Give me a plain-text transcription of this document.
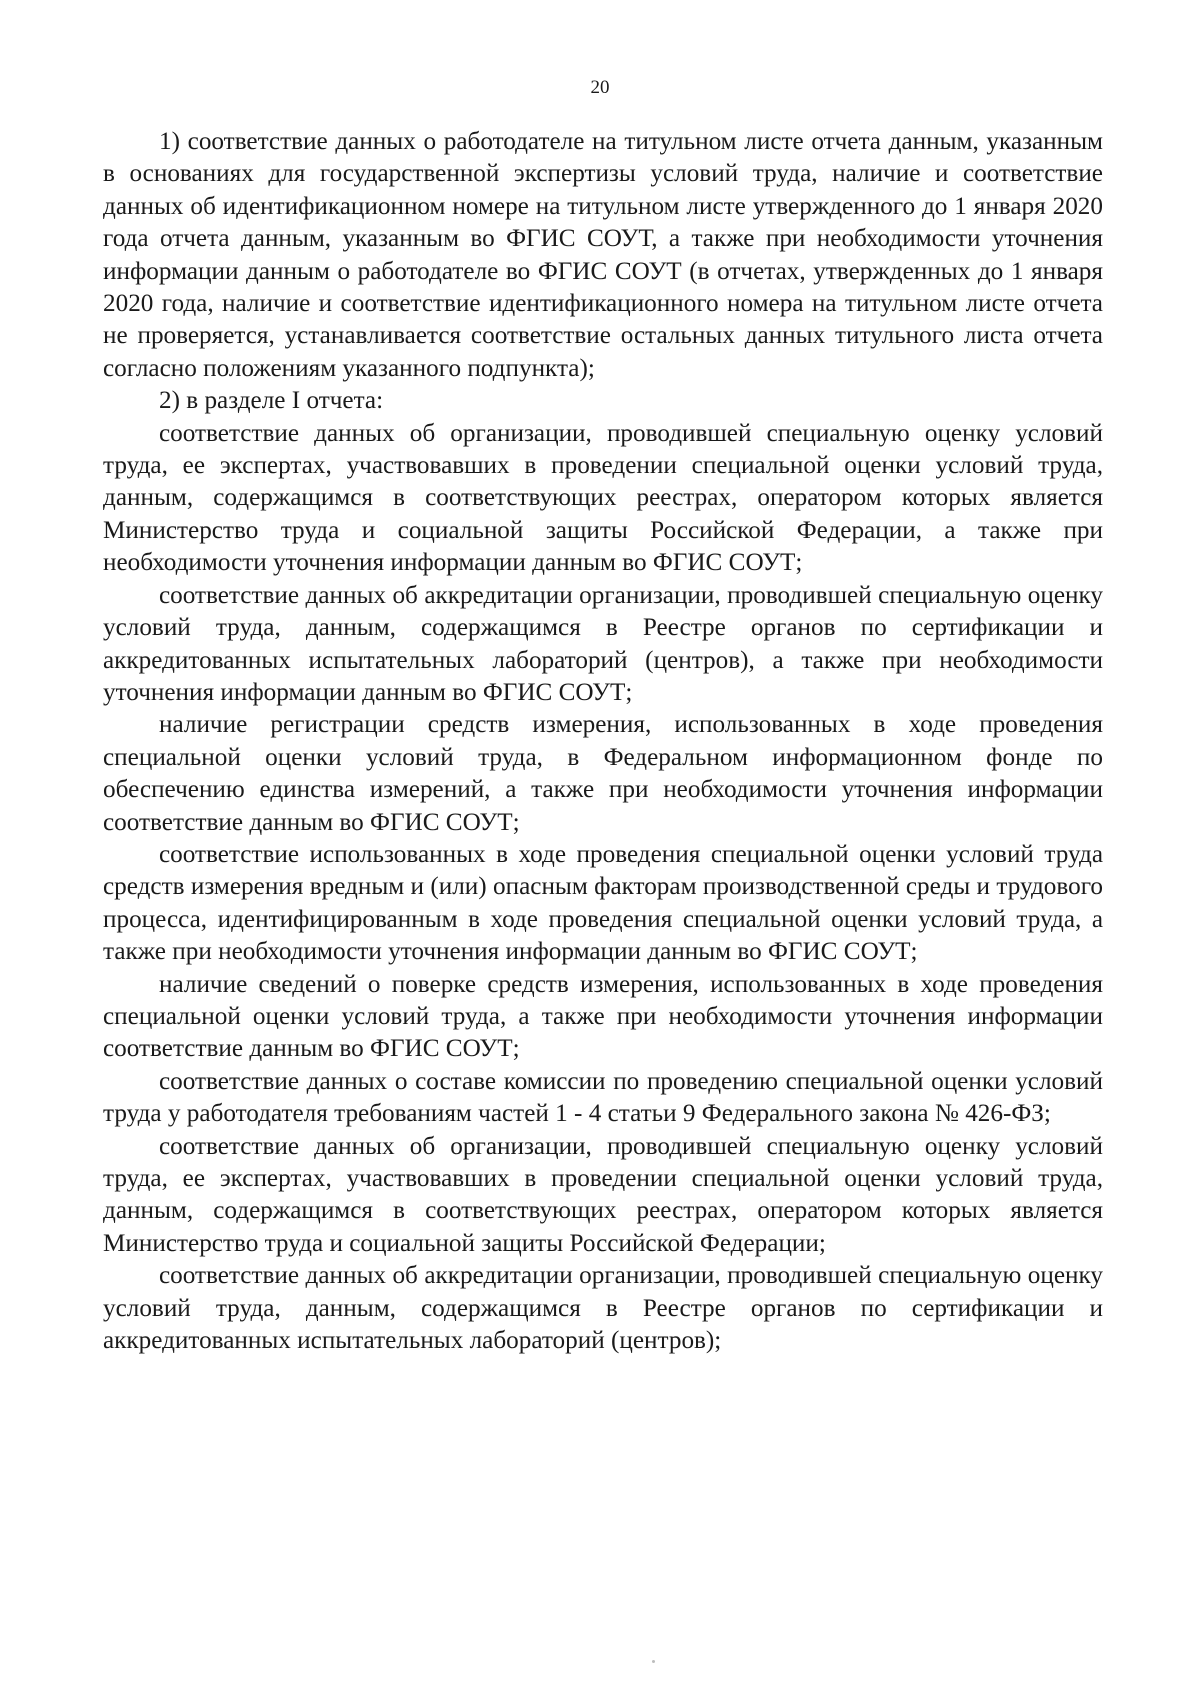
20

1) соответствие данных о работодателе на титульном листе отчета данным, указанным в основаниях для государственной экспертизы условий труда, наличие и соответствие данных об идентификационном номере на титульном листе утвержденного до 1 января 2020 года отчета данным, указанным во ФГИС СОУТ, а также при необходимости уточнения информации данным о работодателе во ФГИС СОУТ (в отчетах, утвержденных до 1 января 2020 года, наличие и соответствие идентификационного номера на титульном листе отчета не проверяется, устанавливается соответствие остальных данных титульного листа отчета согласно положениям указанного подпункта);

2) в разделе I отчета:

соответствие данных об организации, проводившей специальную оценку условий труда, ее экспертах, участвовавших в проведении специальной оценки условий труда, данным, содержащимся в соответствующих реестрах, оператором которых является Министерство труда и социальной защиты Российской Федерации, а также при необходимости уточнения информации данным во ФГИС СОУТ;

соответствие данных об аккредитации организации, проводившей специальную оценку условий труда, данным, содержащимся в Реестре органов по сертификации и аккредитованных испытательных лабораторий (центров), а также при необходимости уточнения информации данным во ФГИС СОУТ;

наличие регистрации средств измерения, использованных в ходе проведения специальной оценки условий труда, в Федеральном информационном фонде по обеспечению единства измерений, а также при необходимости уточнения информации соответствие данным во ФГИС СОУТ;

соответствие использованных в ходе проведения специальной оценки условий труда средств измерения вредным и (или) опасным факторам производственной среды и трудового процесса, идентифицированным в ходе проведения специальной оценки условий труда, а также при необходимости уточнения информации данным во ФГИС СОУТ;

наличие сведений о поверке средств измерения, использованных в ходе проведения специальной оценки условий труда, а также при необходимости уточнения информации соответствие данным во ФГИС СОУТ;

соответствие данных о составе комиссии по проведению специальной оценки условий труда у работодателя требованиям частей 1 - 4 статьи 9 Федерального закона № 426-ФЗ;

соответствие данных об организации, проводившей специальную оценку условий труда, ее экспертах, участвовавших в проведении специальной оценки условий труда, данным, содержащимся в соответствующих реестрах, оператором которых является Министерство труда и социальной защиты Российской Федерации;

соответствие данных об аккредитации организации, проводившей специальную оценку условий труда, данным, содержащимся в Реестре органов по сертификации и аккредитованных испытательных лабораторий (центров);
